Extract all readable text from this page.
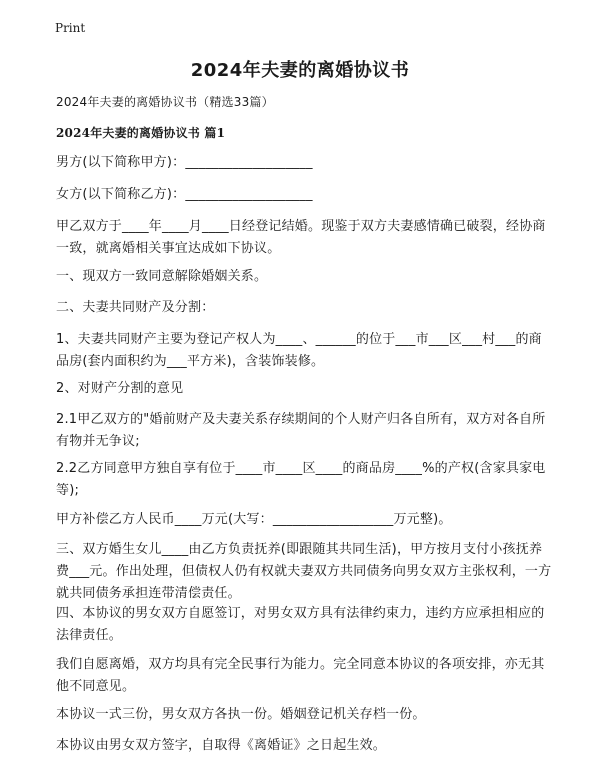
Print
2024年夫妻的离婚协议书

2024年夫妻的离婚协议书（精选33篇）

2024年夫妻的离婚协议书 篇1

男方(以下简称甲方)：___________________

女方(以下简称乙方)：___________________

甲乙双方于____年____月____日经登记结婚。现鉴于双方夫妻感情确已破裂，经协商一致，就离婚相关事宜达成如下协议。

一、现双方一致同意解除婚姻关系。

二、夫妻共同财产及分割：

1、夫妻共同财产主要为登记产权人为____、______的位于___市___区___村___的商品房(套内面积约为___平方米)，含装饰装修。

2、对财产分割的意见

2.1甲乙双方的"婚前财产及夫妻关系存续期间的个人财产归各自所有，双方对各自所有物并无争议;

2.2乙方同意甲方独自享有位于____市____区____的商品房____%的产权(含家具家电等);

甲方补偿乙方人民币____万元(大写：__________________万元整)。

三、双方婚生女儿____由乙方负责抚养(即跟随其共同生活)，甲方按月支付小孩抚养费___元。作出处理，但债权人仍有权就夫妻双方共同债务向男女双方主张权利，一方就共同债务承担连带清偿责任。

四、本协议的男女双方自愿签订，对男女双方具有法律约束力，违约方应承担相应的法律责任。

我们自愿离婚，双方均具有完全民事行为能力。完全同意本协议的各项安排，亦无其他不同意见。

本协议一式三份，男女双方各执一份。婚姻登记机关存档一份。

本协议由男女双方签字，自取得《离婚证》之日起生效。
